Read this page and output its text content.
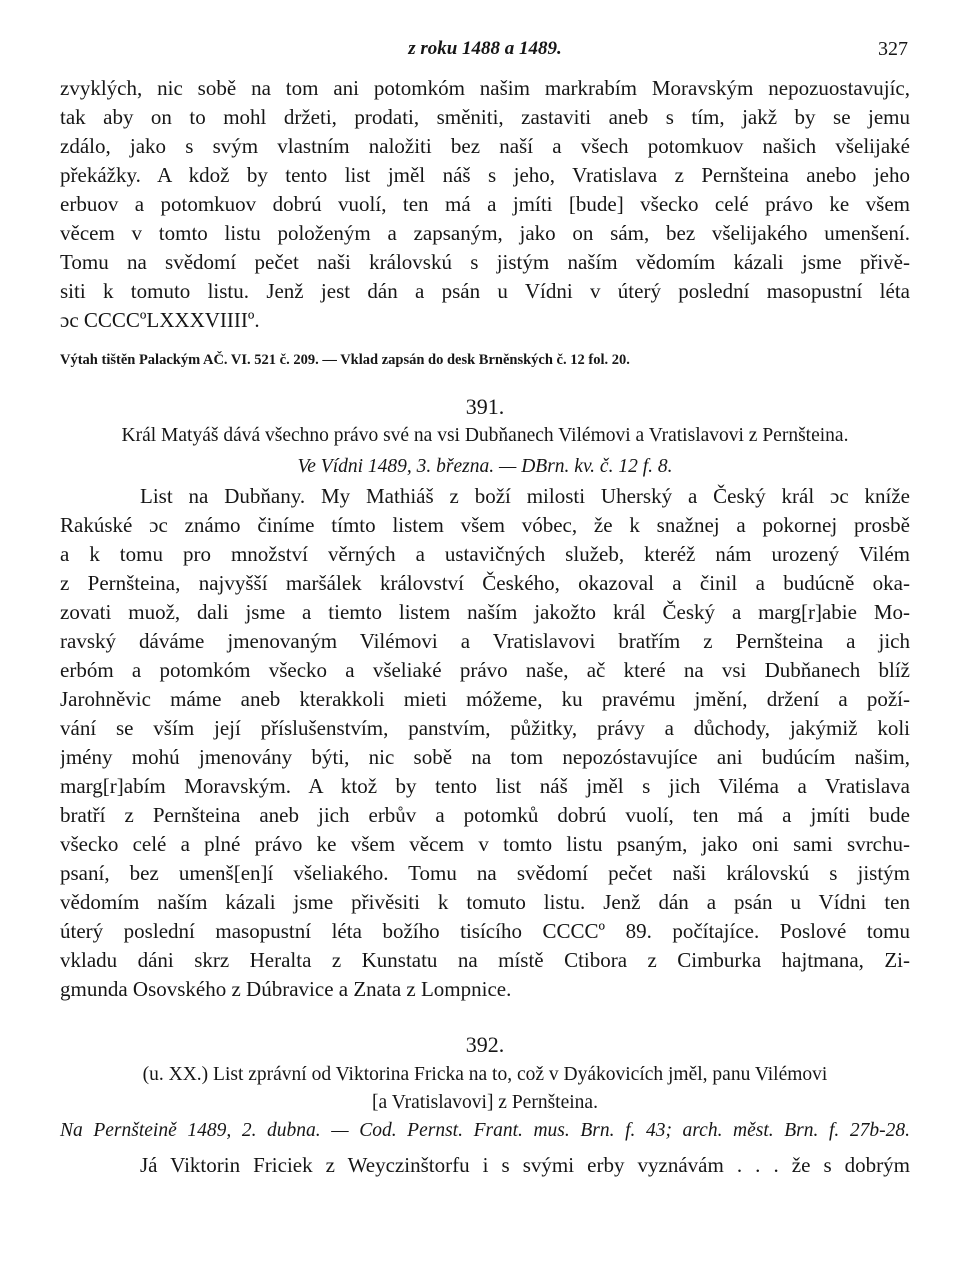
z roku 1488 a 1489.	327
zvyklých, nic sobě na tom ani potomkóm našim markrabím Moravským nepozuostavujíc,
tak aby on to mohl držeti, prodati, směniti, zastaviti aneb s tím, jakž by se jemu
zdálo, jako s svým vlastním naložiti bez naší a všech potomkuov našich všelijaké
překážky. A kdož by tento list jměl náš s jeho, Vratislava z Pernšteina anebo jeho
erbuov a potomkuov dobrú vuolí, ten má a jmíti [bude] všecko celé právo ke všem
věcem v tomto listu položeným a zapsaným, jako on sám, bez všelijakého umenšení.
Tomu na svědomí pečet naši královskú s jistým naším vědomím kázali jsme přivě-
siti k tomuto listu. Jenž jest dán a psán u Vídni v úterý poslední masopustní léta
ɔc CCCCºLXXXVIIIIº.
Výtah tištěn Palackým AČ. VI. 521 č. 209. — Vklad zapsán do desk Brněnských č. 12 fol. 20.
391.
Král Matyáš dává všechno právo své na vsi Dubňanech Vilémovi a Vratislavovi z Pernšteina.
Ve Vídni 1489, 3. března. — DBrn. kv. č. 12 f. 8.
List na Dubňany. My Mathiáš z boží milosti Uherský a Český král ɔc kníže
Rakúské ɔc známo činíme tímto listem všem vóbec, že k snažnej a pokornej prosbě
a k tomu pro množství věrných a ustavičných služeb, kteréž nám urozený Vilém
z Pernšteina, najvyšší maršálek království Českého, okazoval a činil a budúcně oka-
zovati muož, dali jsme a tiemto listem naším jakožto král Český a marg[r]abie Mo-
ravský dáváme jmenovaným Vilémovi a Vratislavovi bratřím z Pernšteina a jich
erbóm a potomkóm všecko a všeliaké právo naše, ač které na vsi Dubňanech blíž
Jarohněvic máme aneb kterakkoli mieti móžeme, ku pravému jmění, držení a poží-
vání se vším její příslušenstvím, panstvím, půžitky, právy a důchody, jakýmiž koli
jmény mohú jmenovány býti, nic sobě na tom nepozóstavujíce ani budúcím našim,
marg[r]abím Moravským. A ktož by tento list náš jměl s jich Viléma a Vratislava
bratří z Pernšteina aneb jich erbův a potomků dobrú vuolí, ten má a jmíti bude
všecko celé a plné právo ke všem věcem v tomto listu psaným, jako oni sami svrchu-
psaní, bez umenš[en]í všeliakého. Tomu na svědomí pečet naši královskú s jistým
vědomím naším kázali jsme přivěsiti k tomuto listu. Jenž dán a psán u Vídni ten
úterý poslední masopustní léta božího tisícího CCCCº 89. počítajíce. Poslové tomu
vkladu dáni skrz Heralta z Kunstatu na místě Ctibora z Cimburka hajtmana, Zi-
gmunda Osovského z Dúbravice a Znata z Lompnice.
392.
(u. XX.) List zprávní od Viktorina Fricka na to, což v Dyákovicích jměl, panu Vilémovi
[a Vratislavovi] z Pernšteina.
Na Pernšteině 1489, 2. dubna. — Cod. Pernst. Frant. mus. Brn. f. 43; arch. měst. Brn. f. 27b-28.
Já Viktorin Friciek z Weyczinštorfu i s svými erby vyznávám . . . že s dobrým
